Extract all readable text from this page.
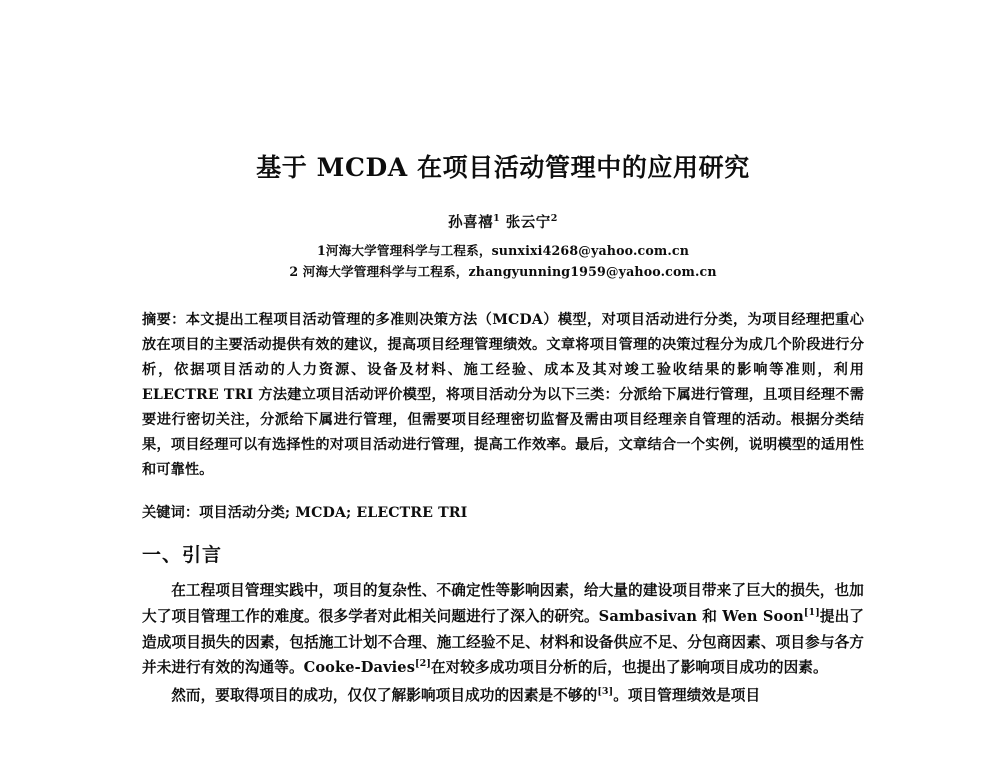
基于 MCDA 在项目活动管理中的应用研究

孙喜禧$^1$ 张云宁$^2$

1河海大学管理科学与工程系，sunxixi4268@yahoo.com.cn

2 河海大学管理科学与工程系，zhangyunning1959@yahoo.com.cn

摘要：本文提出工程项目活动管理的多准则决策方法（MCDA）模型，对项目活动进行分类，为项目经理把重心放在项目的主要活动提供有效的建议，提高项目经理管理绩效。文章将项目管理的决策过程分为成几个阶段进行分析，依据项目活动的人力资源、设备及材料、施工经验、成本及其对竣工验收结果的影响等准则，利用 ELECTRE TRI 方法建立项目活动评价模型，将项目活动分为以下三类：分派给下属进行管理，且项目经理不需要进行密切关注，分派给下属进行管理，但需要项目经理密切监督及需由项目经理亲自管理的活动。根据分类结果，项目经理可以有选择性的对项目活动进行管理，提高工作效率。最后，文章结合一个实例，说明模型的适用性和可靠性。

关键词：项目活动分类; MCDA; ELECTRE TRI

一、引言

在工程项目管理实践中，项目的复杂性、不确定性等影响因素，给大量的建设项目带来了巨大的损失，也加大了项目管理工作的难度。很多学者对此相关问题进行了深入的研究。Sambasivan 和 Wen Soon[1]提出了造成项目损失的因素，包括施工计划不合理、施工经验不足、材料和设备供应不足、分包商因素、项目参与各方并未进行有效的沟通等。Cooke-Davies[2]在对较多成功项目分析的后，也提出了影响项目成功的因素。

然而，要取得项目的成功，仅仅了解影响项目成功的因素是不够的[3]。项目管理绩效是项目
